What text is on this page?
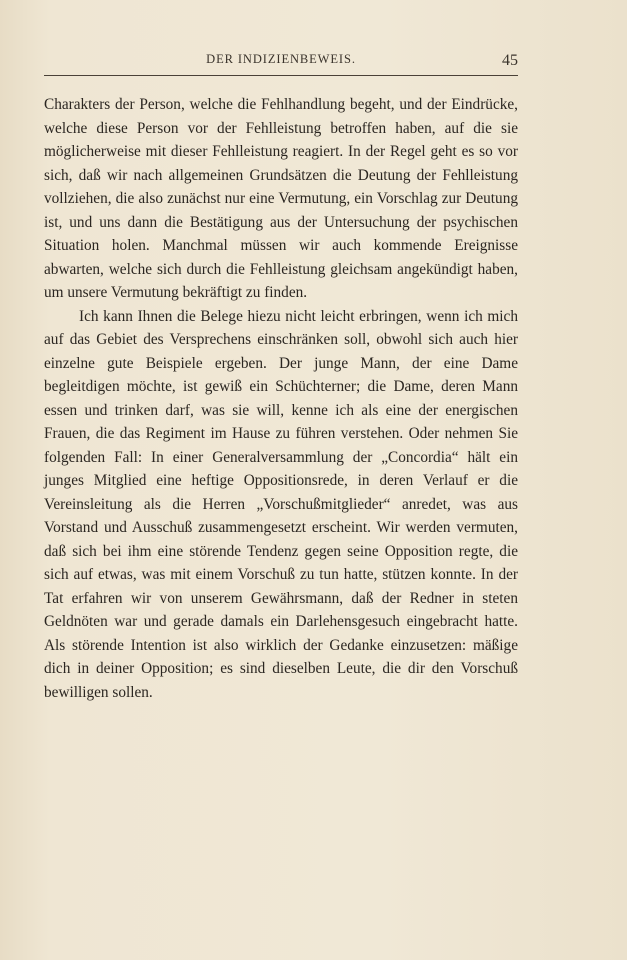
DER INDIZIENBEWEIS.	45

Charakters der Person, welche die Fehlhandlung begeht, und der Eindrücke, welche diese Person vor der Fehlleistung betroffen haben, auf die sie möglicherweise mit dieser Fehlleistung reagiert. In der Regel geht es so vor sich, daß wir nach allgemeinen Grundsätzen die Deutung der Fehlleistung vollziehen, die also zunächst nur eine Vermutung, ein Vorschlag zur Deutung ist, und uns dann die Bestätigung aus der Untersuchung der psychischen Situation holen. Manchmal müssen wir auch kommende Ereignisse abwarten, welche sich durch die Fehlleistung gleichsam angekündigt haben, um unsere Vermutung bekräftigt zu finden.

Ich kann Ihnen die Belege hiezu nicht leicht erbringen, wenn ich mich auf das Gebiet des Versprechens einschränken soll, obwohl sich auch hier einzelne gute Beispiele ergeben. Der junge Mann, der eine Dame begleitdigen möchte, ist gewiß ein Schüchterner; die Dame, deren Mann essen und trinken darf, was sie will, kenne ich als eine der energischen Frauen, die das Regiment im Hause zu führen verstehen. Oder nehmen Sie folgenden Fall: In einer Generalversammlung der „Concordia“ hält ein junges Mitglied eine heftige Oppositionsrede, in deren Verlauf er die Vereinsleitung als die Herren „Vorschußmitglieder“ anredet, was aus Vorstand und Ausschuß zusammengesetzt erscheint. Wir werden vermuten, daß sich bei ihm eine störende Tendenz gegen seine Opposition regte, die sich auf etwas, was mit einem Vorschuß zu tun hatte, stützen konnte. In der Tat erfahren wir von unserem Gewährsmann, daß der Redner in steten Geldnöten war und gerade damals ein Darlehensgesuch eingebracht hatte. Als störende Intention ist also wirklich der Gedanke einzusetzen: mäßige dich in deiner Opposition; es sind dieselben Leute, die dir den Vorschuß bewilligen sollen.
